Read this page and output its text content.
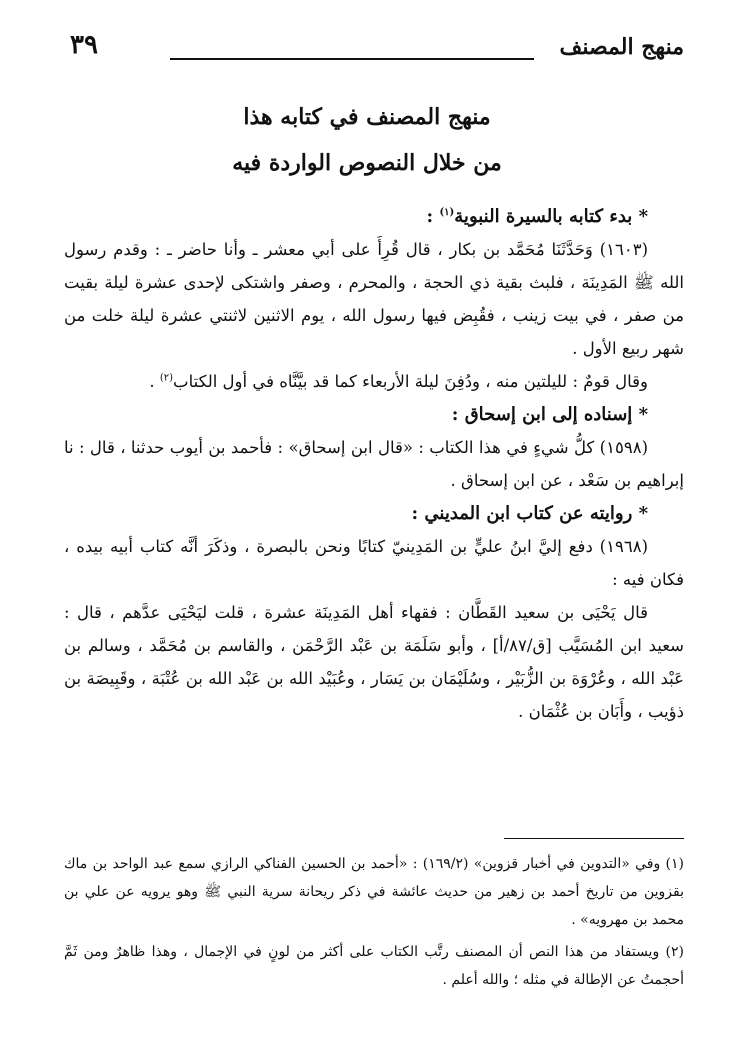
منهج المصنف
٣٩
منهج المصنف في كتابه هذا
من خلال النصوص الواردة فيه

* بدء كتابه بالسيرة النبوية$^{(١)}$ :

(١٦٠٣) وَحَدَّثَنَا مُحَمَّد بن بكار ، قال قُرِأَ على أبي معشر ـ وأنا حاضر ـ : وقدم رسول الله ﷺ المَدِينَة ، فلبث بقية ذي الحجة ، والمحرم ، وصفر واشتكى لإحدى عشرة ليلة بقيت من صفر ، في بيت زينب ، فقُبِض فيها رسول الله ، يوم الاثنين لاثنتي عشرة ليلة خلت من شهر ربيع الأول .

وقال قومٌ : لليلتين منه ، ودُفِنَ ليلة الأربعاء كما قد بيَّنَّاه في أول الكتاب$^{(٢)}$ .

* إسناده إلى ابن إسحاق :

(١٥٩٨) كلُّ شيءٍ في هذا الكتاب : «قال ابن إسحاق» : فأحمد بن أيوب حدثنا ، قال : نا إبراهيم بن سَعْد ، عن ابن إسحاق .

* روايته عن كتاب ابن المديني :

(١٩٦٨) دفع إليَّ ابنُ عليٍّ بن المَدِينيّ كتابًا ونحن بالبصرة ، وذكَرَ أنَّه كتاب أبيه بيده ، فكان فيه :

قال يَحْيَى بن سعيد القَطَّان : فقهاء أهل المَدِينَة عشرة ، قلت ليَحْيَى عدَّهم ، قال : سعيد ابن المُسَيَّب [ق/٨٧/أ] ، وأبو سَلَمَة بن عَبْد الرَّحْمَن ، والقاسم بن مُحَمَّد ، وسالم بن عَبْد الله ، وعُرْوَة بن الزُّبَيْر ، وسُلَيْمَان بن يَسَار ، وعُبَيْد الله بن عَبْد الله بن عُتْبَة ، وقَبِيصَة بن ذؤيب ، وأَبَان بن عُثْمَان .

(١) وفي «التدوين في أخبار قزوين» (١٦٩/٢) : «أحمد بن الحسين الفناكي الرازي سمع عبد الواحد بن ماك بقزوين من تاريخ أحمد بن زهير من حديث عائشة في ذكر ريحانة سرية النبي ﷺ وهو يرويه عن علي بن محمد بن مهرويه» .

(٢) ويستفاد من هذا النص أن المصنف رتَّب الكتاب على أكثر من لونٍ في الإجمال ، وهذا ظاهرٌ ومن ثَمَّ أحجمتُ عن الإطالة في مثله ؛ والله أعلم .
